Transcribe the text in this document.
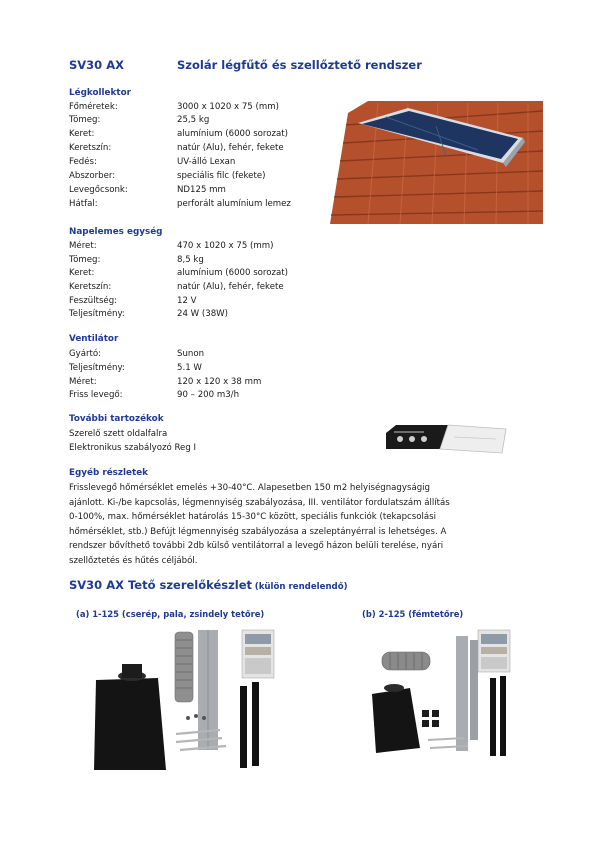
SV30 AX	Szolár légfűtő és szellőztető rendszer
Légkollektor
Főméretek:	3000 x 1020 x 75 (mm)
Tömeg:	25,5 kg
Keret:	alumínium (6000 sorozat)
Keretszín:	natúr (Alu), fehér, fekete
Fedés:	UV-álló Lexan
Abszorber:	speciális filc (fekete)
Levegőcsonk:	ND125 mm
Hátfal:	perforált alumínium lemez
Napelemes egység
Méret:	470 x 1020 x 75 (mm)
Tömeg:	8,5 kg
Keret:	alumínium (6000 sorozat)
Keretszín:	natúr (Alu), fehér, fekete
Feszültség:	12 V
Teljesítmény:	24 W (38W)
Ventilátor
Gyártó:	Sunon
Teljesítmény:	5.1 W
Méret:	120 x 120 x 38 mm
Friss levegő:	90 – 200 m3/h
További tartozékok
Szerelő szett oldalfalra
Elektronikus szabályozó Reg I
Egyéb részletek
Frisslevegő hőmérséklet emelés +30-40°C. Alapesetben 150 m2 helyiségnagyságig
ajánlott. Ki-/be kapcsolás, légmennyiség szabályozása, III. ventilátor fordulatszám állítás
0-100%, max. hőmérséklet határolás 15-30°C között, speciális funkciók (tekapcsolási
hőmérséklet, stb.) Befújt légmennyiség szabályozása a szeleptányérral is lehetséges. A
rendszer bővíthető további 2db külső ventilátorral a levegő házon belüli terelése, nyári
szellőztetés és hűtés céljából.
SV30 AX Tető szerelőkészlet (külön rendelendő)
(a) 1-125 (cserép, pala, zsindely tetőre)	(b) 2-125 (fémtetőre)
